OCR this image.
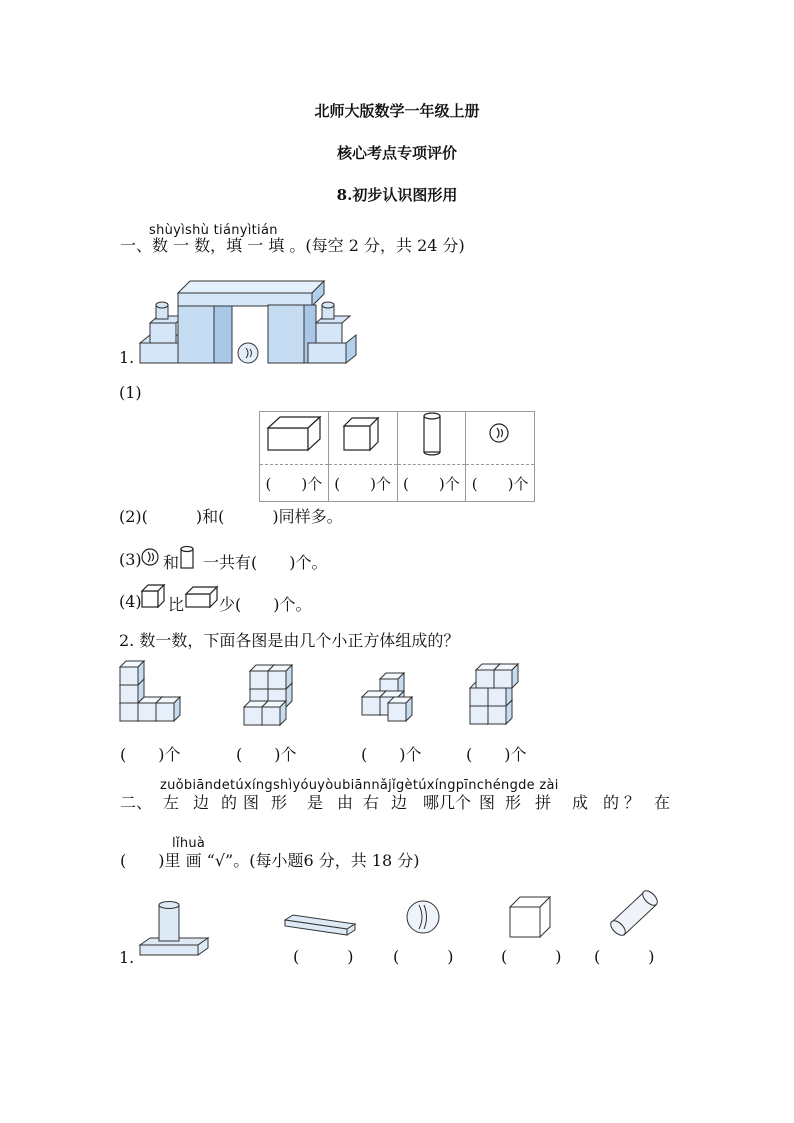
北师大版数学一年级上册
核心考点专项评价
8.初步认识图形用
shùyìshù tiányìtián
一、数 一 数，填 一 填 。(每空 2 分，共 24 分)
1.
(1)

(　　)个	(　　)个	(　　)个	(　　)个
(2)(　　　)和(　　　)同样多。
(3) 和 一共有(　　)个。
(4) 比 少(　　)个。
2. 数一数，下面各图是由几个小正方体组成的？
(　　)个	(　　)个	(　　)个	(　　)个
zuǒbiāndetúxíngshìyóuyòubiānnǎjǐgètúxíngpīnchéngde zài
二、 左 边 的 图 形 是 由 右 边 哪 几 个 图 形 拼 成 的 ？ 在
lǐhuà
(　　)里 画 “√”。(每小题6 分，共 18 分)
1.	(　　　) (　　　)	(　　　) (　　　)
